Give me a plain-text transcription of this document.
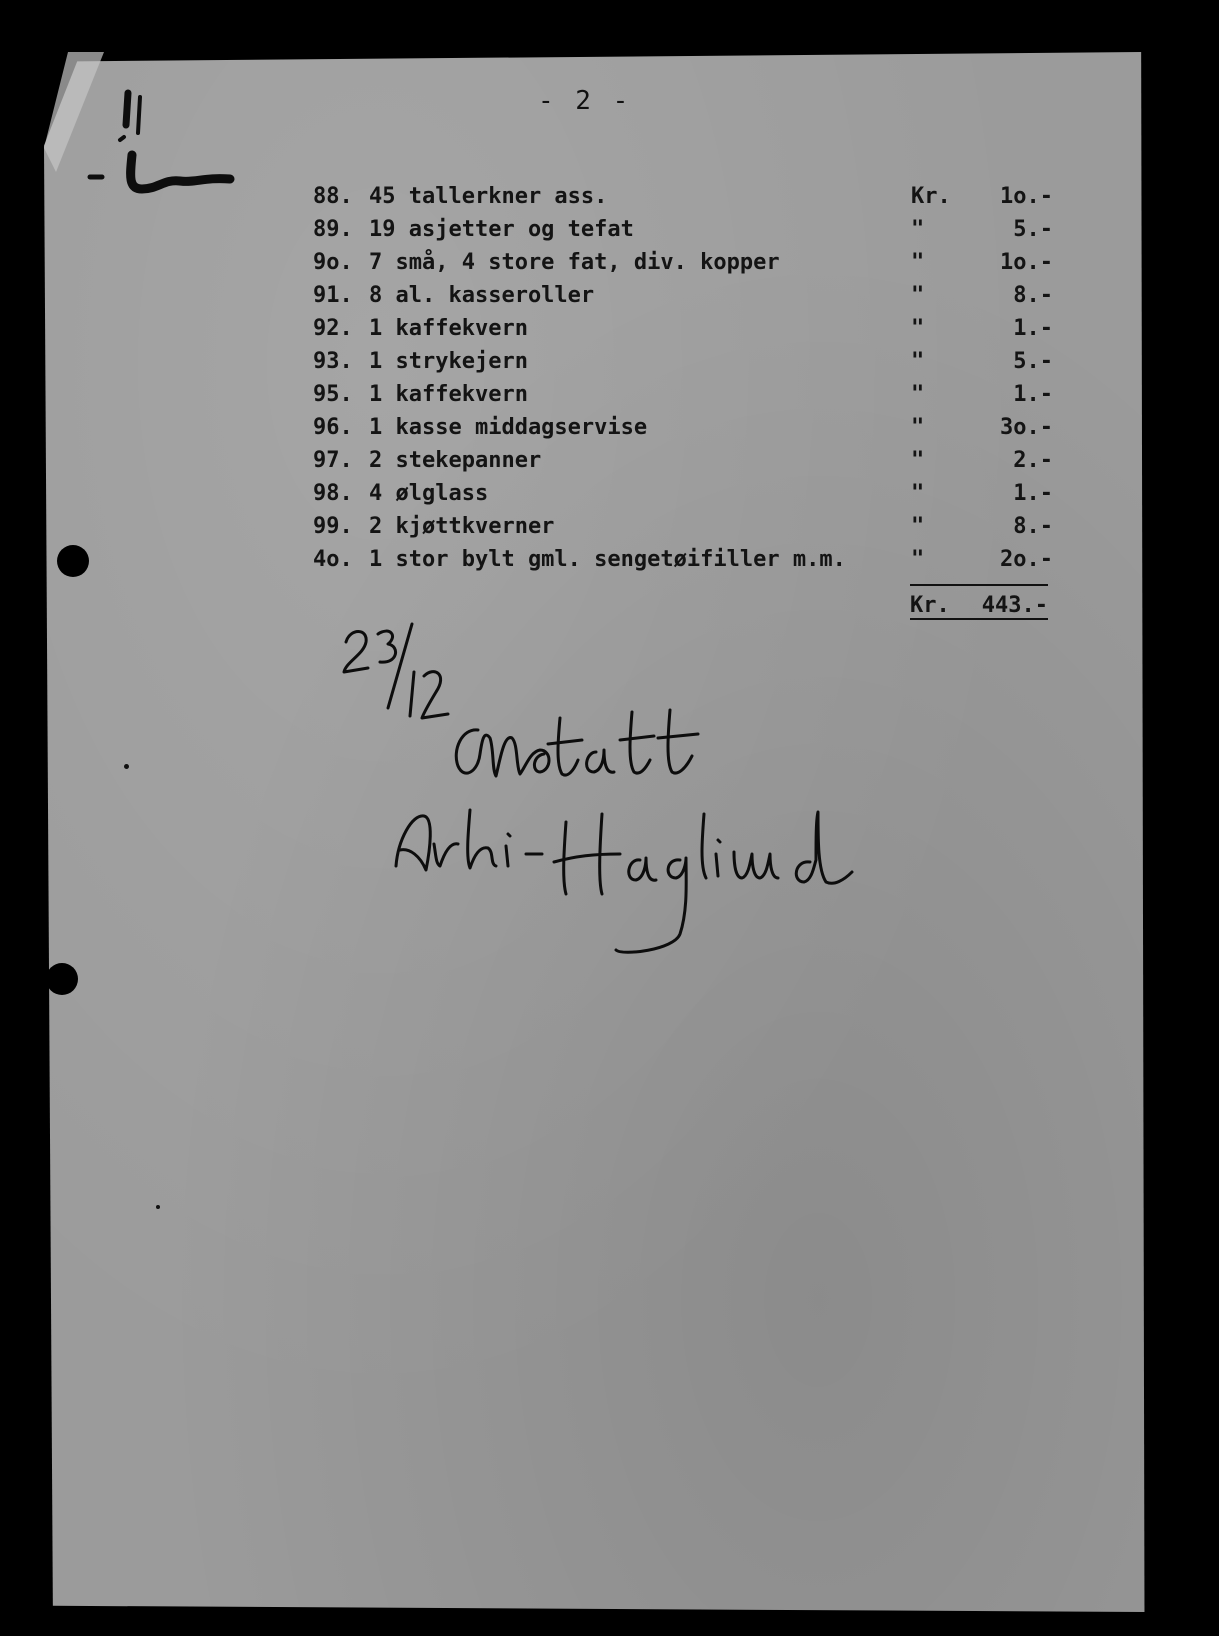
- 2 -
88. 45 tallerkner ass.	Kr.	1o.-
89. 19 asjetter og tefat	"	5.-
9o. 7 små, 4 store fat, div. kopper	"	1o.-
91. 8 al. kasseroller	"	8.-
92. 1 kaffekvern	"	1.-
93. 1 strykejern	"	5.-
95. 1 kaffekvern	"	1.-
96. 1 kasse middagservise	"	3o.-
97. 2 stekepanner	"	2.-
98. 4 ølglass	"	1.-
99. 2 kjøttkverner	"	8.-
4o. 1 stor bylt gml. sengetøifiller m.m.	"	2o.-
Kr. 443.-
